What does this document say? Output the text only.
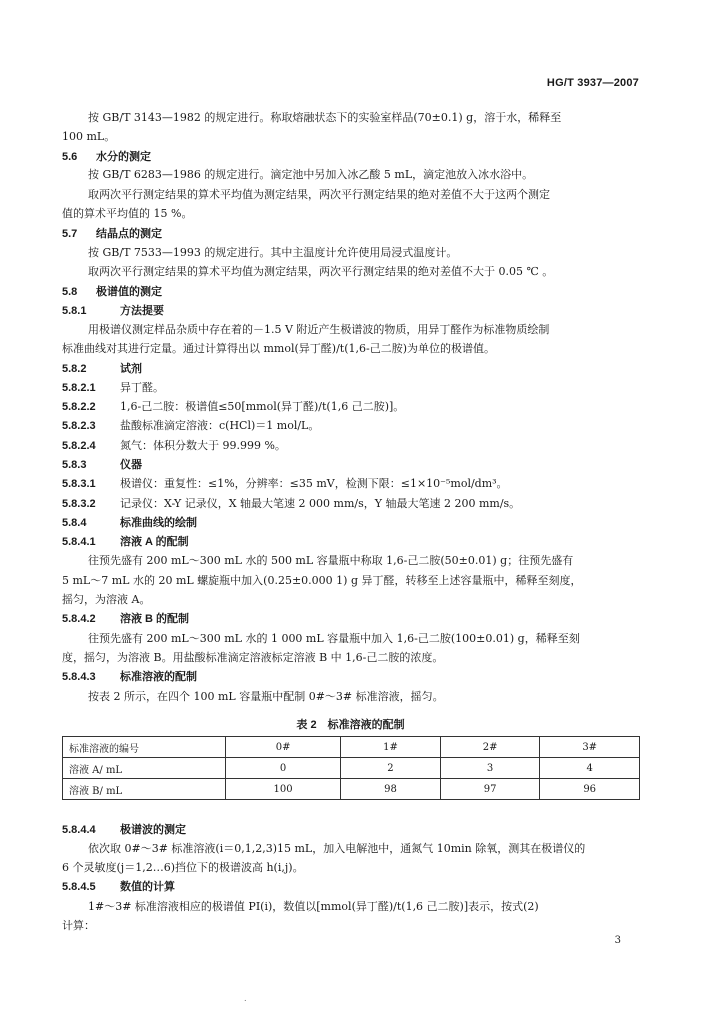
HG/T 3937—2007
按 GB/T 3143—1982 的规定进行。称取熔融状态下的实验室样品(70±0.1) g，溶于水，稀释至
100 mL。
5.6 水分的测定
按 GB/T 6283—1986 的规定进行。滴定池中另加入冰乙酸 5 mL，滴定池放入冰水浴中。
取两次平行测定结果的算术平均值为测定结果，两次平行测定结果的绝对差值不大于这两个测定
值的算术平均值的 15 %。
5.7 结晶点的测定
按 GB/T 7533—1993 的规定进行。其中主温度计允许使用局浸式温度计。
取两次平行测定结果的算术平均值为测定结果，两次平行测定结果的绝对差值不大于 0.05 ℃ 。
5.8 极谱值的测定
5.8.1	方法提要
用极谱仪测定样品杂质中存在着的－1.5 V 附近产生极谱波的物质，用异丁醛作为标准物质绘制
标准曲线对其进行定量。通过计算得出以 mmol(异丁醛)/t(1,6-己二胺)为单位的极谱值。
5.8.2	试剂
5.8.2.1 异丁醛。
5.8.2.2 1,6-己二胺：极谱值≤50[mmol(异丁醛)/t(1,6 己二胺)]。
5.8.2.3 盐酸标准滴定溶液：c(HCl)＝1 mol/L。
5.8.2.4 氮气：体积分数大于 99.999 %。
5.8.3	仪器
5.8.3.1 极谱仪：重复性：≤1%，分辨率：≤35 mV，检测下限：≤1×10⁻⁵mol/dm³。
5.8.3.2 记录仪：X-Y 记录仪，X 轴最大笔速 2 000 mm/s，Y 轴最大笔速 2 200 mm/s。
5.8.4	标准曲线的绘制
5.8.4.1 溶液 A 的配制
往预先盛有 200 mL～300 mL 水的 500 mL 容量瓶中称取 1,6-己二胺(50±0.01) g；往预先盛有
5 mL～7 mL 水的 20 mL 螺旋瓶中加入(0.25±0.000 1) g 异丁醛，转移至上述容量瓶中，稀释至刻度，
摇匀，为溶液 A。
5.8.4.2 溶液 B 的配制
往预先盛有 200 mL～300 mL 水的 1 000 mL 容量瓶中加入 1,6-己二胺(100±0.01) g，稀释至刻
度，摇匀，为溶液 B。用盐酸标准滴定溶液标定溶液 B 中 1,6-己二胺的浓度。
5.8.4.3 标准溶液的配制
按表 2 所示，在四个 100 mL 容量瓶中配制 0#～3# 标准溶液，摇匀。
表 2　标准溶液的配制
标准溶液的编号	0#	1#	2#	3#
溶液 A/ mL	0	2	3	4
溶液 B/ mL	100	98	97	96
5.8.4.4 极谱波的测定
依次取 0#～3# 标准溶液(i＝0,1,2,3)15 mL，加入电解池中，通氮气 10min 除氧，测其在极谱仪的
6 个灵敏度(j＝1,2…6)挡位下的极谱波高 h(i,j)。
5.8.4.5 数值的计算
1#～3# 标准溶液相应的极谱值 PI(i)，数值以[mmol(异丁醛)/t(1,6 己二胺)]表示，按式(2)
计算：
3
.
